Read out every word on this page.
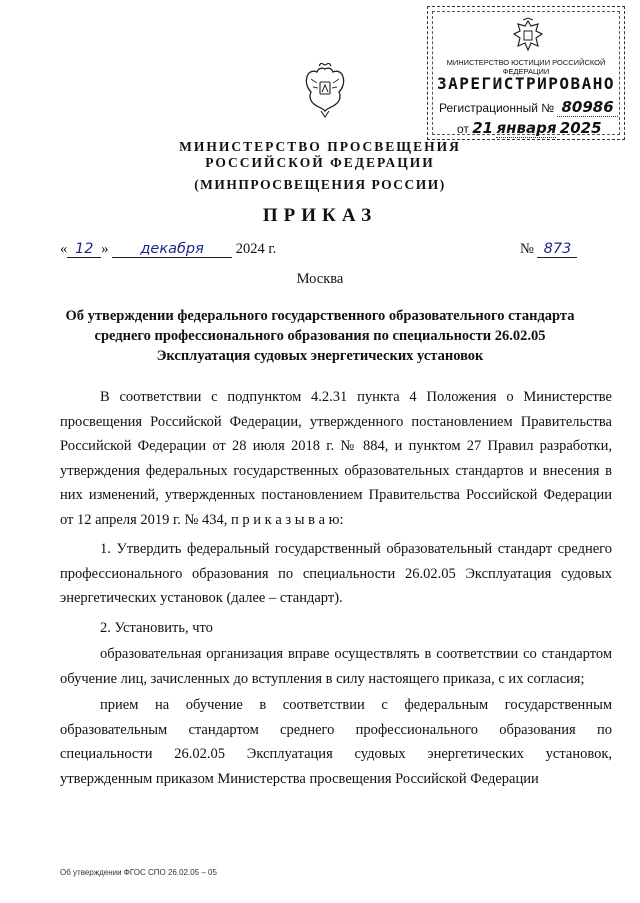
МИНИСТЕРСТВО ЮСТИЦИИ РОССИЙСКОЙ ФЕДЕРАЦИИ
ЗАРЕГИСТРИРОВАНО
Регистрационный № 80986
от 21 января 2025
МИНИСТЕРСТВО ПРОСВЕЩЕНИЯ
РОССИЙСКОЙ ФЕДЕРАЦИИ
(МИНПРОСВЕЩЕНИЯ РОССИИ)
ПРИКАЗ
« 12 » декабря 2024 г.	№ 873
Москва
Об утверждении федерального государственного образовательного стандарта среднего профессионального образования по специальности 26.02.05 Эксплуатация судовых энергетических установок

В соответствии с подпунктом 4.2.31 пункта 4 Положения о Министерстве просвещения Российской Федерации, утвержденного постановлением Правительства Российской Федерации от 28 июля 2018 г. № 884, и пунктом 27 Правил разработки, утверждения федеральных государственных образовательных стандартов и внесения в них изменений, утвержденных постановлением Правительства Российской Федерации от 12 апреля 2019 г. № 434, п р и к а з ы в а ю:

1. Утвердить федеральный государственный образовательный стандарт среднего профессионального образования по специальности 26.02.05 Эксплуатация судовых энергетических установок (далее – стандарт).

2. Установить, что

образовательная организация вправе осуществлять в соответствии со стандартом обучение лиц, зачисленных до вступления в силу настоящего приказа, с их согласия;

прием на обучение в соответствии с федеральным государственным образовательным стандартом среднего профессионального образования по специальности 26.02.05 Эксплуатация судовых энергетических установок, утвержденным приказом Министерства просвещения Российской Федерации

Об утверждении ФГОС СПО 26.02.05 – 05
